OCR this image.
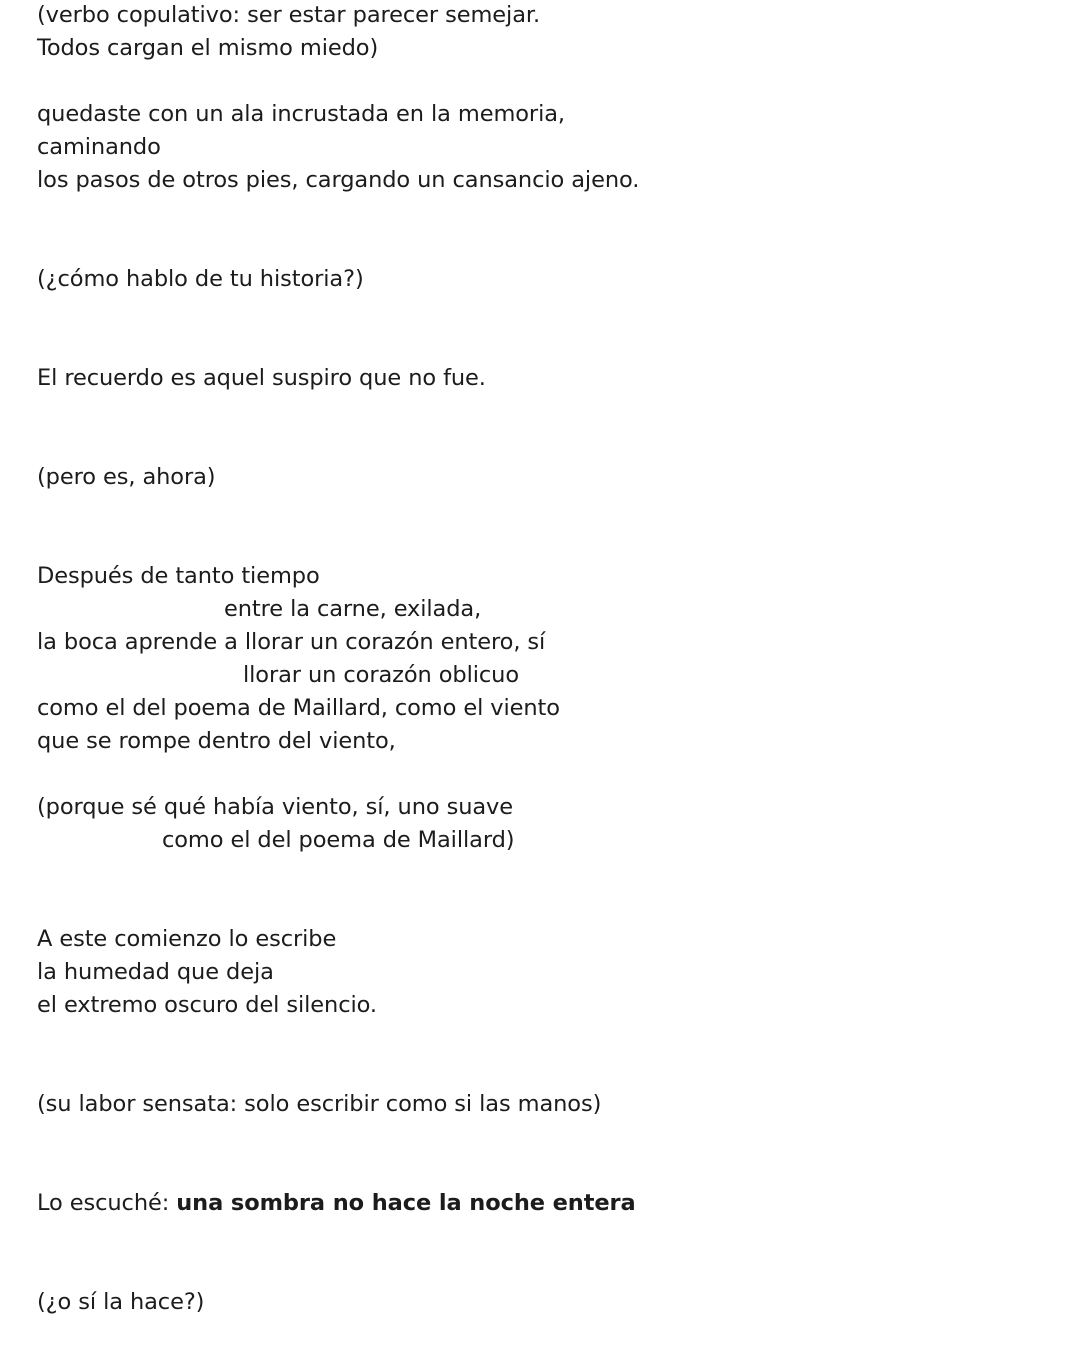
(verbo copulativo: ser estar parecer semejar.
Todos cargan el mismo miedo)
quedaste con un ala incrustada en la memoria,
caminando
los pasos de otros pies, cargando un cansancio ajeno.
(¿cómo hablo de tu historia?)
El recuerdo es aquel suspiro que no fue.
(pero es, ahora)
Después de tanto tiempo
entre la carne, exilada,
la boca aprende a llorar un corazón entero, sí
llorar un corazón oblicuo
como el del poema de Maillard, como el viento
que se rompe dentro del viento,
(porque sé qué había viento, sí, uno suave
como el del poema de Maillard)
A este comienzo lo escribe
la humedad que deja
el extremo oscuro del silencio.
(su labor sensata: solo escribir como si las manos)
Lo escuché: una sombra no hace la noche entera
(¿o sí la hace?)
